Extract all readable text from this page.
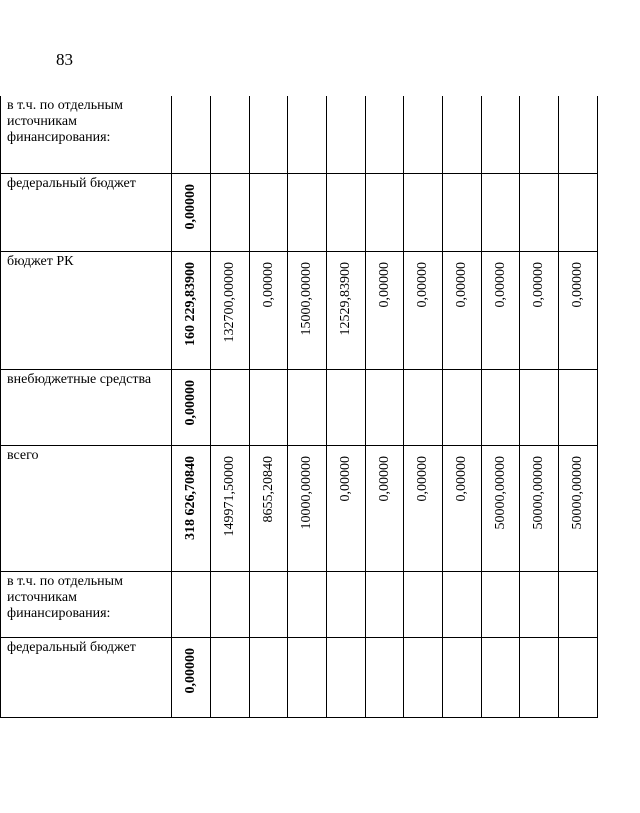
83
в т.ч. по отдельным источникам финансирования:	

федеральный бюджет	0,00000										

бюджет РК	160 229,83900	132700,00000	0,00000	15000,00000	12529,83900	0,00000	0,00000	0,00000	0,00000	0,00000	0,00000

внебюджетные средства	0,00000										

всего	318 626,70840	149971,50000	8655,20840	10000,00000	0,00000	0,00000	0,00000	0,00000	50000,00000	50000,00000	50000,00000

в т.ч. по отдельным источникам финансирования:	

федеральный бюджет	0,00000										
